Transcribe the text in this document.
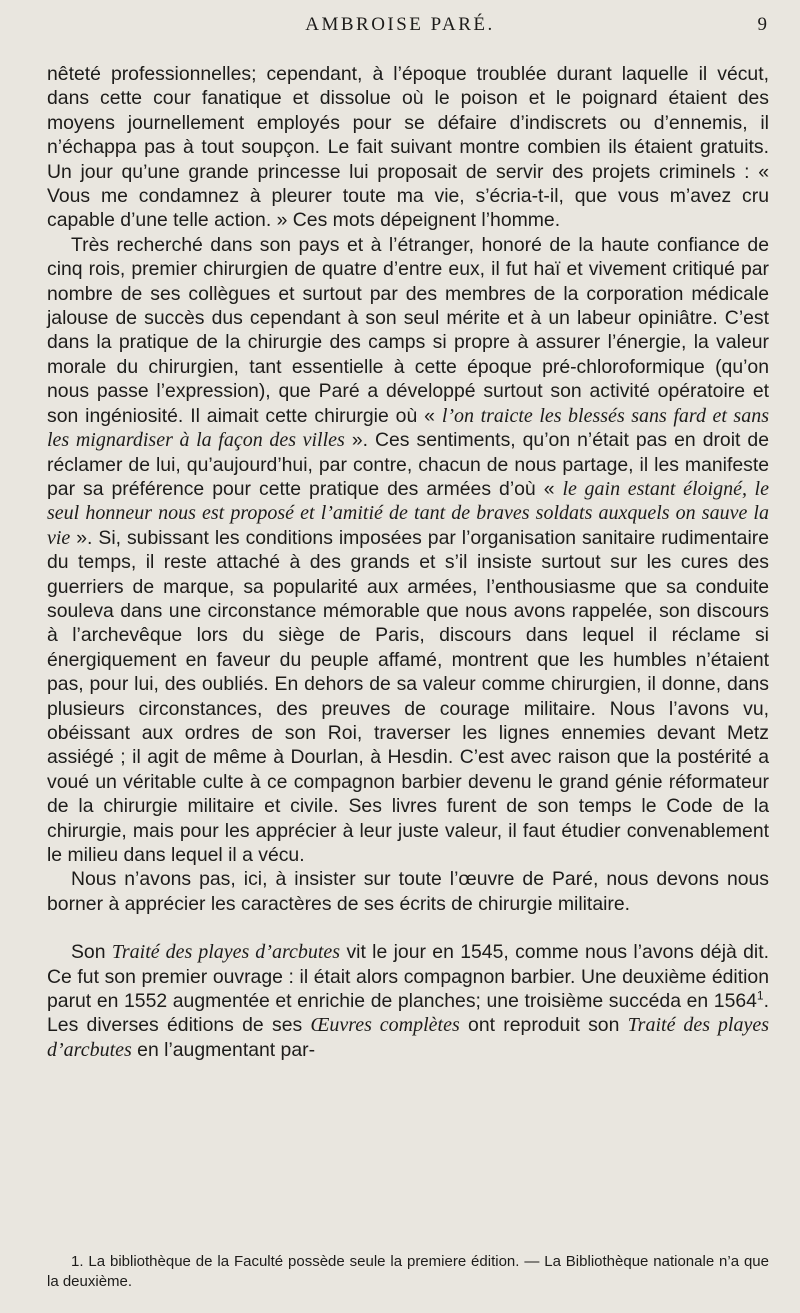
AMBROISE PARÉ.	9

nêteté professionnelles; cependant, à l’époque troublée durant laquelle il vécut, dans cette cour fanatique et dissolue où le poison et le poignard étaient des moyens journellement employés pour se défaire d’indiscrets ou d’ennemis, il n’échappa pas à tout soupçon. Le fait suivant montre combien ils étaient gratuits. Un jour qu’une grande princesse lui proposait de servir des projets criminels : « Vous me condamnez à pleurer toute ma vie, s’écria-t-il, que vous m’avez cru capable d’une telle action. » Ces mots dépeignent l’homme.

Très recherché dans son pays et à l’étranger, honoré de la haute confiance de cinq rois, premier chirurgien de quatre d’entre eux, il fut haï et vivement critiqué par nombre de ses collègues et surtout par des membres de la corporation médicale jalouse de succès dus cependant à son seul mérite et à un labeur opiniâtre. C’est dans la pratique de la chirurgie des camps si propre à assurer l’énergie, la valeur morale du chirurgien, tant essentielle à cette époque pré-chloroformique (qu’on nous passe l’expression), que Paré a développé surtout son activité opératoire et son ingéniosité. Il aimait cette chirurgie où « l’on traicte les blessés sans fard et sans les mignardiser à la façon des villes ». Ces sentiments, qu’on n’était pas en droit de réclamer de lui, qu’aujourd’hui, par contre, chacun de nous partage, il les manifeste par sa préférence pour cette pratique des armées d’où « le gain estant éloigné, le seul honneur nous est proposé et l’amitié de tant de braves soldats auxquels on sauve la vie ». Si, subissant les conditions imposées par l’organisation sanitaire rudimentaire du temps, il reste attaché à des grands et s’il insiste surtout sur les cures des guerriers de marque, sa popularité aux armées, l’enthousiasme que sa conduite souleva dans une circonstance mémorable que nous avons rappelée, son discours à l’archevêque lors du siège de Paris, discours dans lequel il réclame si énergiquement en faveur du peuple affamé, montrent que les humbles n’étaient pas, pour lui, des oubliés. En dehors de sa valeur comme chirurgien, il donne, dans plusieurs circonstances, des preuves de courage militaire. Nous l’avons vu, obéissant aux ordres de son Roi, traverser les lignes ennemies devant Metz assiégé ; il agit de même à Dourlan, à Hesdin. C’est avec raison que la postérité a voué un véritable culte à ce compagnon barbier devenu le grand génie réformateur de la chirurgie militaire et civile. Ses livres furent de son temps le Code de la chirurgie, mais pour les apprécier à leur juste valeur, il faut étudier convenablement le milieu dans lequel il a vécu.

Nous n’avons pas, ici, à insister sur toute l’œuvre de Paré, nous devons nous borner à apprécier les caractères de ses écrits de chirurgie militaire.

Son Traité des playes d’arcbutes vit le jour en 1545, comme nous l’avons déjà dit. Ce fut son premier ouvrage : il était alors compagnon barbier. Une deuxième édition parut en 1552 augmentée et enrichie de planches; une troisième succéda en 1564$^1$. Les diverses éditions de ses Œuvres complètes ont reproduit son Traité des playes d’arcbutes en l’augmentant par-

1. La bibliothèque de la Faculté possède seule la premiere édition. — La Bibliothèque nationale n’a que la deuxième.
